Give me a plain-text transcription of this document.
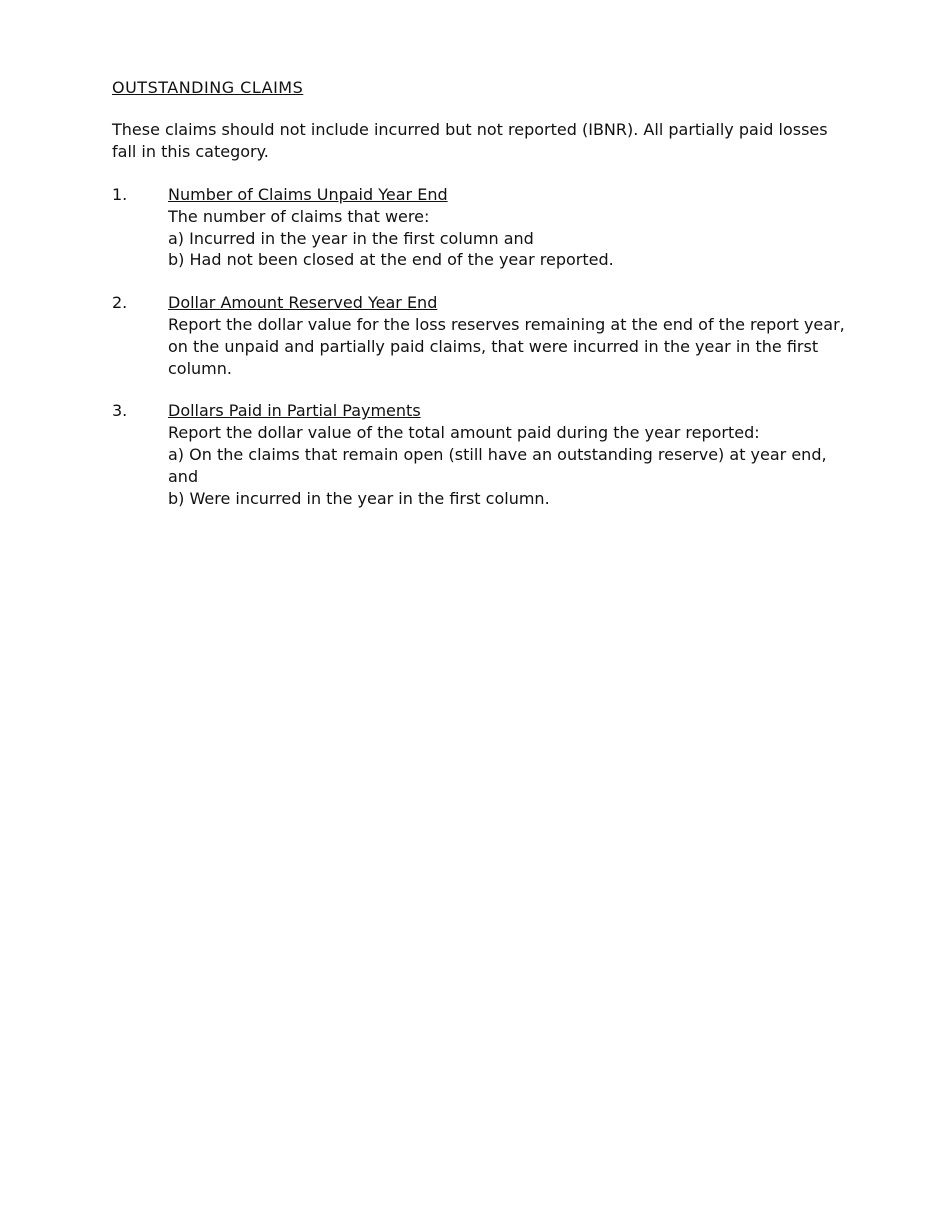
OUTSTANDING CLAIMS
These claims should not include incurred but not reported (IBNR). All partially paid losses fall in this category.
1.	Number of Claims Unpaid Year End
The number of claims that were:
a) Incurred in the year in the first column and
b) Had not been closed at the end of the year reported.
2.	Dollar Amount Reserved Year End
Report the dollar value for the loss reserves remaining at the end of the report year, on the unpaid and partially paid claims, that were incurred in the year in the first column.
3.	Dollars Paid in Partial Payments
Report the dollar value of the total amount paid during the year reported:
a) On the claims that remain open (still have an outstanding reserve) at year end, and
b) Were incurred in the year in the first column.
